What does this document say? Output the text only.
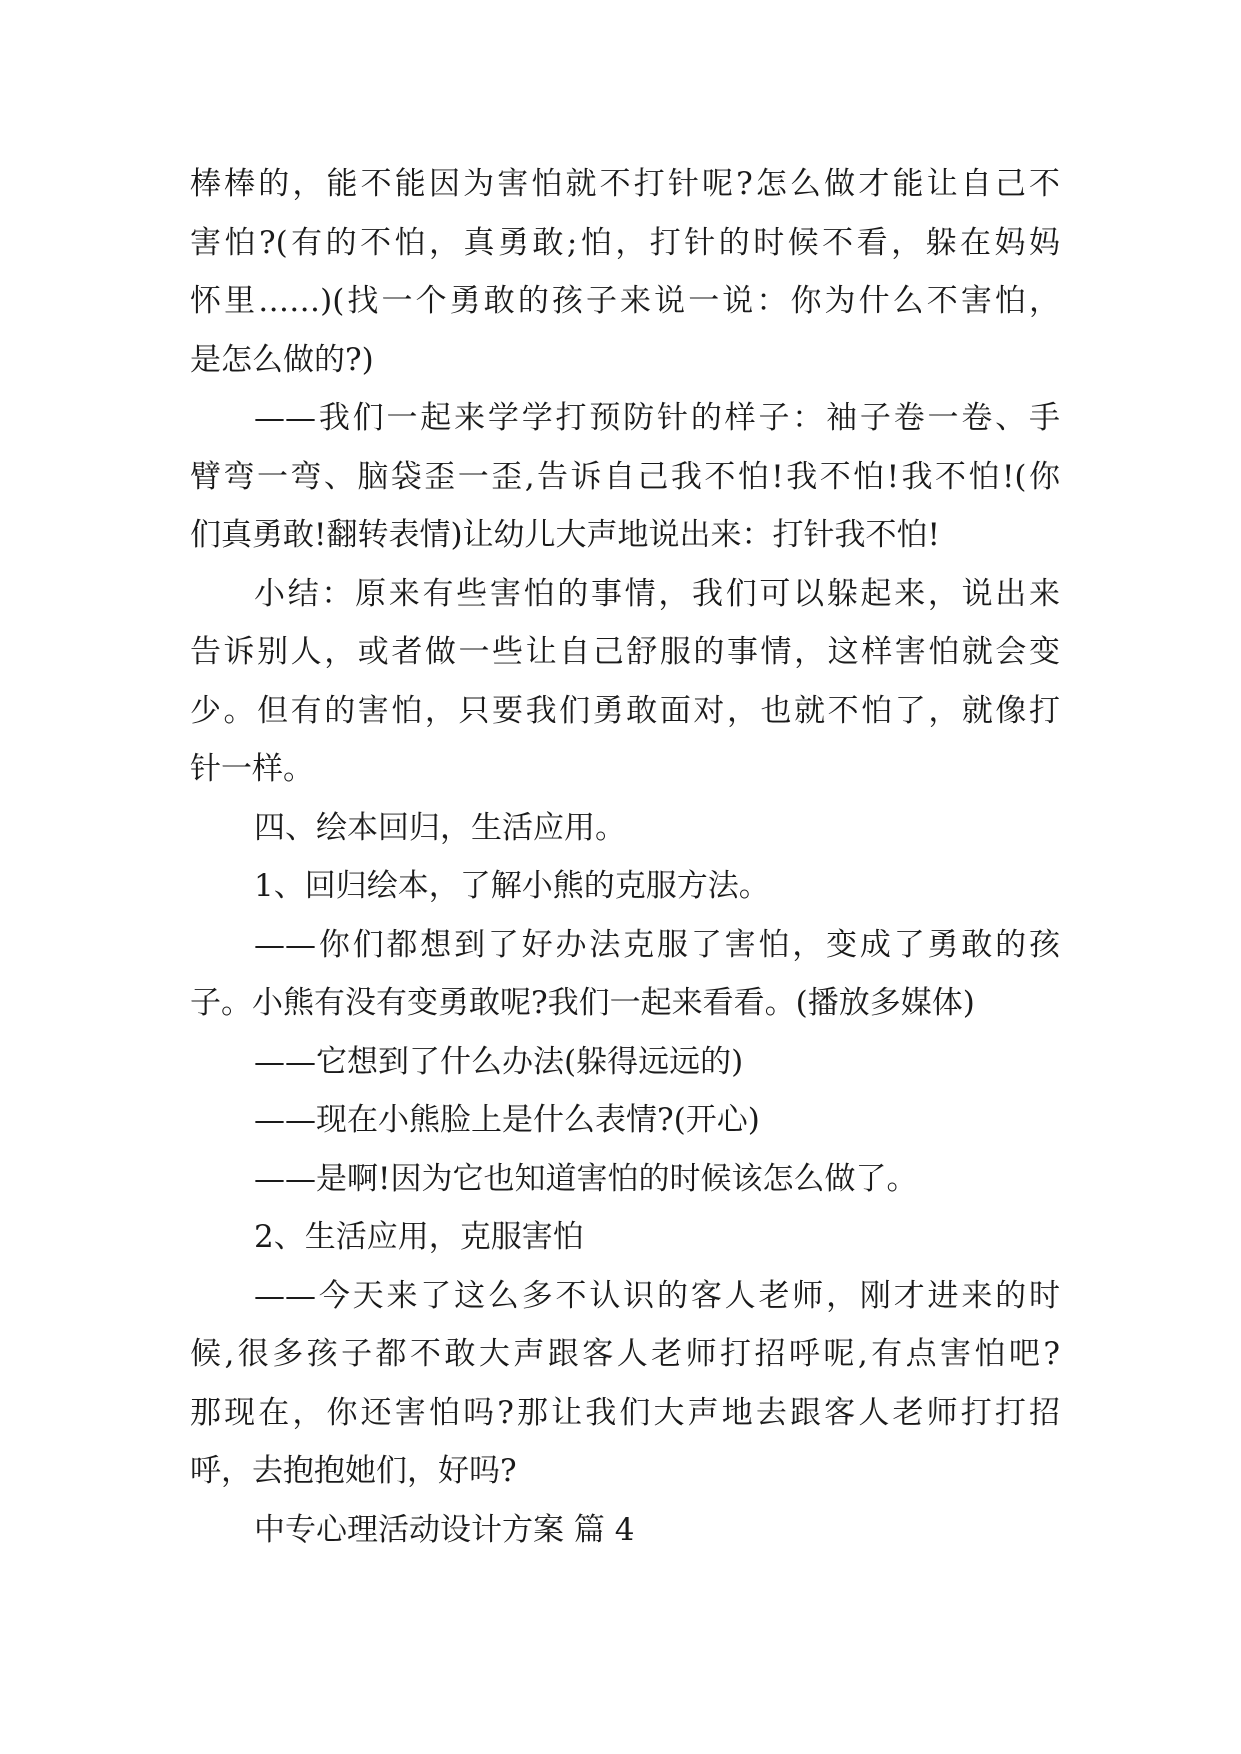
棒棒的，能不能因为害怕就不打针呢?怎么做才能让自己不
害怕?(有的不怕，真勇敢;怕，打针的时候不看，躲在妈妈
怀里……)(找一个勇敢的孩子来说一说：你为什么不害怕，
是怎么做的?)
——我们一起来学学打预防针的样子：袖子卷一卷、手
臂弯一弯、脑袋歪一歪,告诉自己我不怕!我不怕!我不怕!(你
们真勇敢!翻转表情)让幼儿大声地说出来：打针我不怕!
小结：原来有些害怕的事情，我们可以躲起来，说出来
告诉别人，或者做一些让自己舒服的事情，这样害怕就会变
少。但有的害怕，只要我们勇敢面对，也就不怕了，就像打
针一样。
四、绘本回归，生活应用。
1、回归绘本，了解小熊的克服方法。
——你们都想到了好办法克服了害怕，变成了勇敢的孩
子。小熊有没有变勇敢呢?我们一起来看看。(播放多媒体)
——它想到了什么办法(躲得远远的)
——现在小熊脸上是什么表情?(开心)
——是啊!因为它也知道害怕的时候该怎么做了。
2、生活应用，克服害怕
——今天来了这么多不认识的客人老师，刚才进来的时
候,很多孩子都不敢大声跟客人老师打招呼呢,有点害怕吧?
那现在，你还害怕吗?那让我们大声地去跟客人老师打打招
呼，去抱抱她们，好吗?
中专心理活动设计方案 篇 4
